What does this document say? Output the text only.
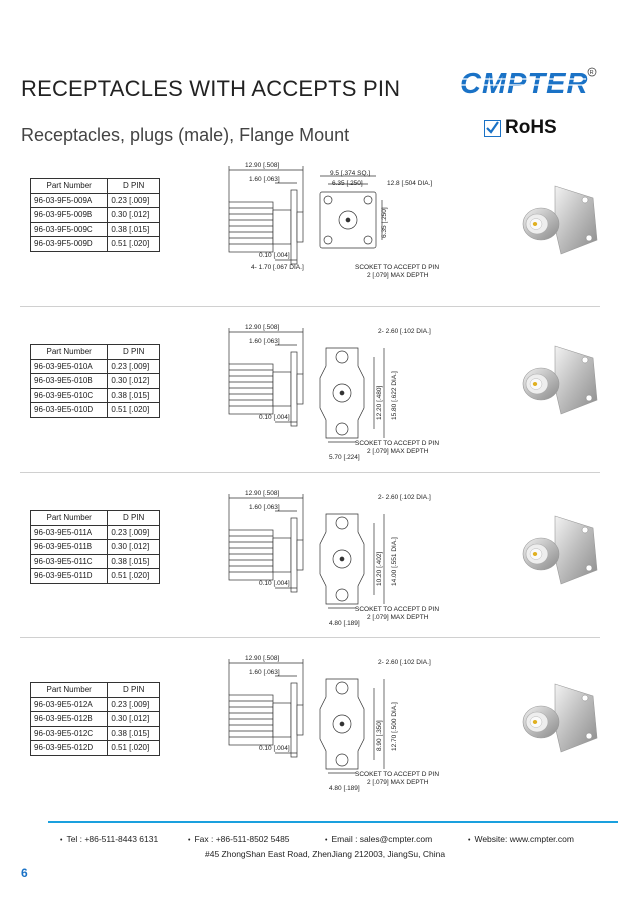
RECEPTACLES WITH ACCEPTS PIN
Receptacles, plugs (male), Flange Mount
CMPTER R
RoHS
Part Number	D PIN
96-03-9F5-009A	0.23 [.009]
96-03-9F5-009B	0.30 [.012]
96-03-9F5-009C	0.38 [.015]
96-03-9F5-009D	0.51 [.020]
12.90 [.508]
1.60 [.063]
0.10 [.004]
4- 1.70 [.067 DIA.]
9.5 [.374 SQ.]
6.35 [.250]	12.8 [.504 DIA.]
6.35 [.250]
SCOKET TO ACCEPT D PIN
2 [.079] MAX DEPTH
Part Number	D PIN
96-03-9E5-010A	0.23 [.009]
96-03-9E5-010B	0.30 [.012]
96-03-9E5-010C	0.38 [.015]
96-03-9E5-010D	0.51 [.020]
12.90 [.508]
1.60 [.063]
0.10 [.004]
2- 2.60 [.102 DIA.]
12.20 [.480] 15.80 [.622 DIA.]
5.70 [.224]
SCOKET TO ACCEPT D PIN
2 [.079] MAX DEPTH
Part Number	D PIN
96-03-9E5-011A	0.23 [.009]
96-03-9E5-011B	0.30 [.012]
96-03-9E5-011C	0.38 [.015]
96-03-9E5-011D	0.51 [.020]
12.90 [.508]
1.60 [.063]
0.10 [.004]
2- 2.60 [.102 DIA.]
10.20 [.402] 14.00 [.551 DIA.]
4.80 [.189]
SCOKET TO ACCEPT D PIN
2 [.079] MAX DEPTH
Part Number	D PIN
96-03-9E5-012A	0.23 [.009]
96-03-9E5-012B	0.30 [.012]
96-03-9E5-012C	0.38 [.015]
96-03-9E5-012D	0.51 [.020]
12.90 [.508]
1.60 [.063]
0.10 [.004]
2- 2.60 [.102 DIA.]
8.90 [.350] 12.70 [.500 DIA.]
4.80 [.189]
SCOKET TO ACCEPT D PIN
2 [.079] MAX DEPTH
• Tel : +86-511-8443 6131	• Fax : +86-511-8502 5485	• Email : sales@cmpter.com	• Website: www.cmpter.com
#45 ZhongShan East Road, ZhenJiang 212003, JiangSu, China
6
